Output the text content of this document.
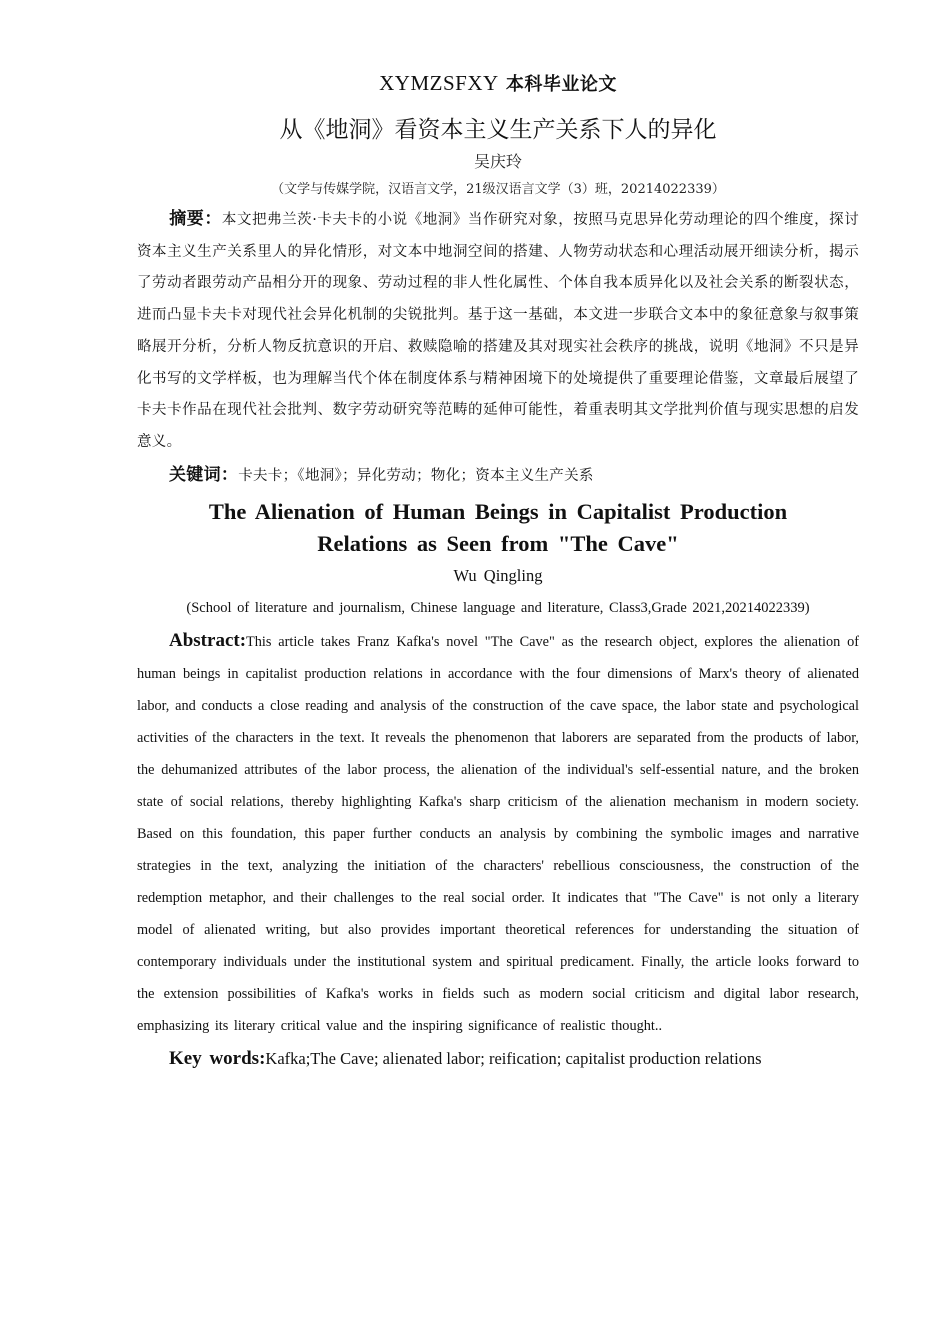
XYMZSFXY 本科毕业论文
从《地洞》看资本主义生产关系下人的异化
吴庆玲
（文学与传媒学院，汉语言文学，21级汉语言文学（3）班，20214022339）
摘要：本文把弗兰茨·卡夫卡的小说《地洞》当作研究对象，按照马克思异化劳动理论的四个维度，探讨资本主义生产关系里人的异化情形，对文本中地洞空间的搭建、人物劳动状态和心理活动展开细读分析，揭示了劳动者跟劳动产品相分开的现象、劳动过程的非人性化属性、个体自我本质异化以及社会关系的断裂状态，进而凸显卡夫卡对现代社会异化机制的尖锐批判。基于这一基础，本文进一步联合文本中的象征意象与叙事策略展开分析，分析人物反抗意识的开启、救赎隐喻的搭建及其对现实社会秩序的挑战，说明《地洞》不只是异化书写的文学样板，也为理解当代个体在制度体系与精神困境下的处境提供了重要理论借鉴，文章最后展望了卡夫卡作品在现代社会批判、数字劳动研究等范畴的延伸可能性，着重表明其文学批判价值与现实思想的启发意义。
关键词：卡夫卡；《地洞》；异化劳动；物化；资本主义生产关系
The Alienation of Human Beings in Capitalist Production
Relations as Seen from "The Cave"
Wu Qingling
(School of literature and journalism, Chinese language and literature, Class3,Grade 2021,20214022339)
Abstract:This article takes Franz Kafka's novel "The Cave" as the research object, explores the alienation of human beings in capitalist production relations in accordance with the four dimensions of Marx's theory of alienated labor, and conducts a close reading and analysis of the construction of the cave space, the labor state and psychological activities of the characters in the text. It reveals the phenomenon that laborers are separated from the products of labor, the dehumanized attributes of the labor process, the alienation of the individual's self-essential nature, and the broken state of social relations, thereby highlighting Kafka's sharp criticism of the alienation mechanism in modern society. Based on this foundation, this paper further conducts an analysis by combining the symbolic images and narrative strategies in the text, analyzing the initiation of the characters' rebellious consciousness, the construction of the redemption metaphor, and their challenges to the real social order. It indicates that "The Cave" is not only a literary model of alienated writing, but also provides important theoretical references for understanding the situation of contemporary individuals under the institutional system and spiritual predicament. Finally, the article looks forward to the extension possibilities of Kafka's works in fields such as modern social criticism and digital labor research, emphasizing its literary critical value and the inspiring significance of realistic thought..
Key words:Kafka;The Cave; alienated labor; reification; capitalist production relations
